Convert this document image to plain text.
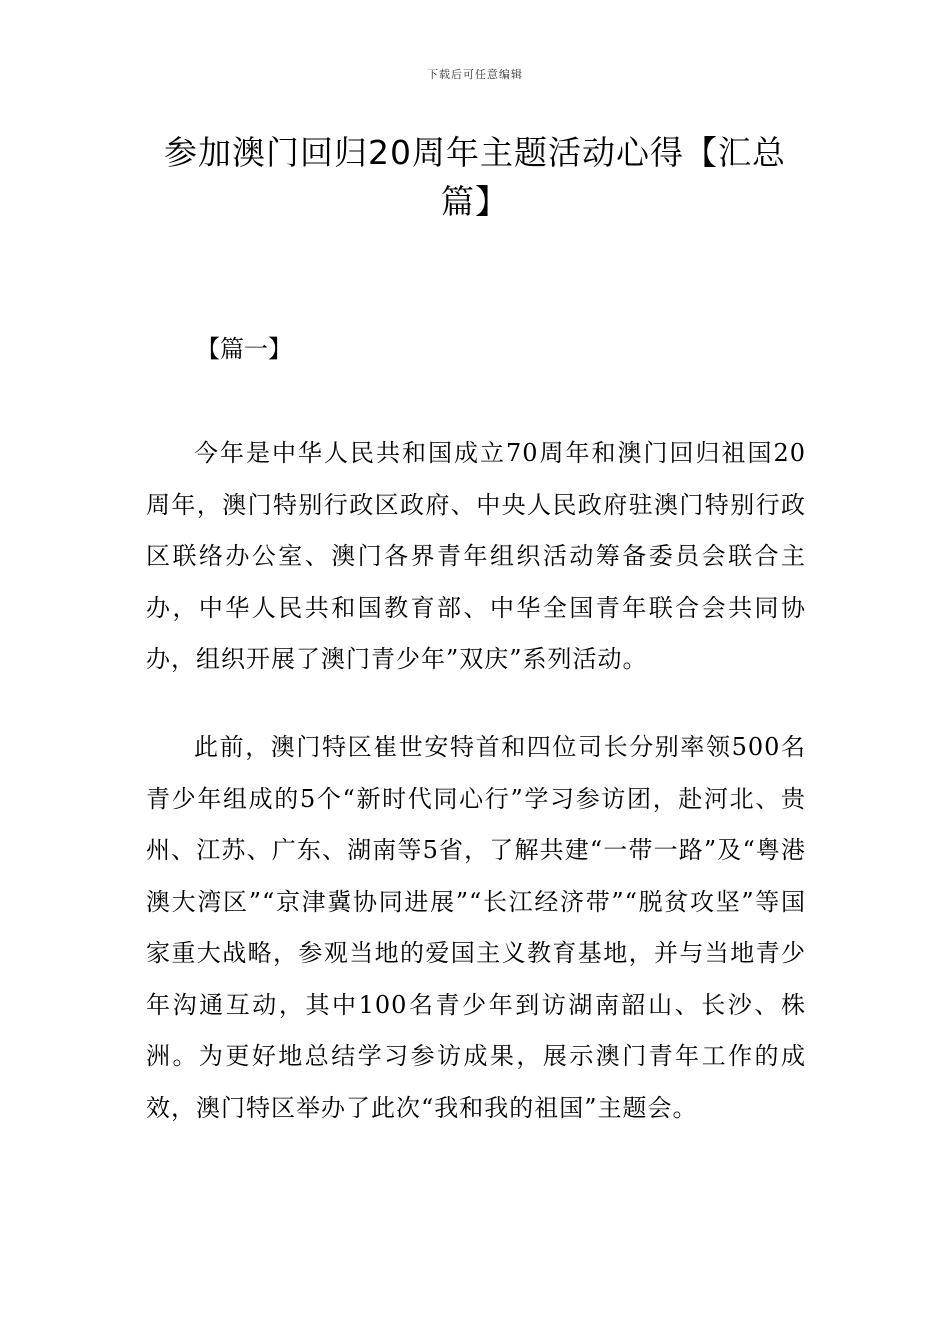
下载后可任意编辑
参加澳门回归20周年主题活动心得【汇总篇】

【篇一】

今年是中华人民共和国成立70周年和澳门回归祖国20周年，澳门特别行政区政府、中央人民政府驻澳门特别行政区联络办公室、澳门各界青年组织活动筹备委员会联合主办，中华人民共和国教育部、中华全国青年联合会共同协办，组织开展了澳门青少年”双庆”系列活动。

此前，澳门特区崔世安特首和四位司长分别率领500名青少年组成的5个“新时代同心行”学习参访团，赴河北、贵州、江苏、广东、湖南等5省，了解共建“一带一路”及“粤港澳大湾区”“京津冀协同进展”“长江经济带”“脱贫攻坚”等国家重大战略，参观当地的爱国主义教育基地，并与当地青少年沟通互动，其中100名青少年到访湖南韶山、长沙、株洲。为更好地总结学习参访成果，展示澳门青年工作的成效，澳门特区举办了此次“我和我的祖国”主题会。
